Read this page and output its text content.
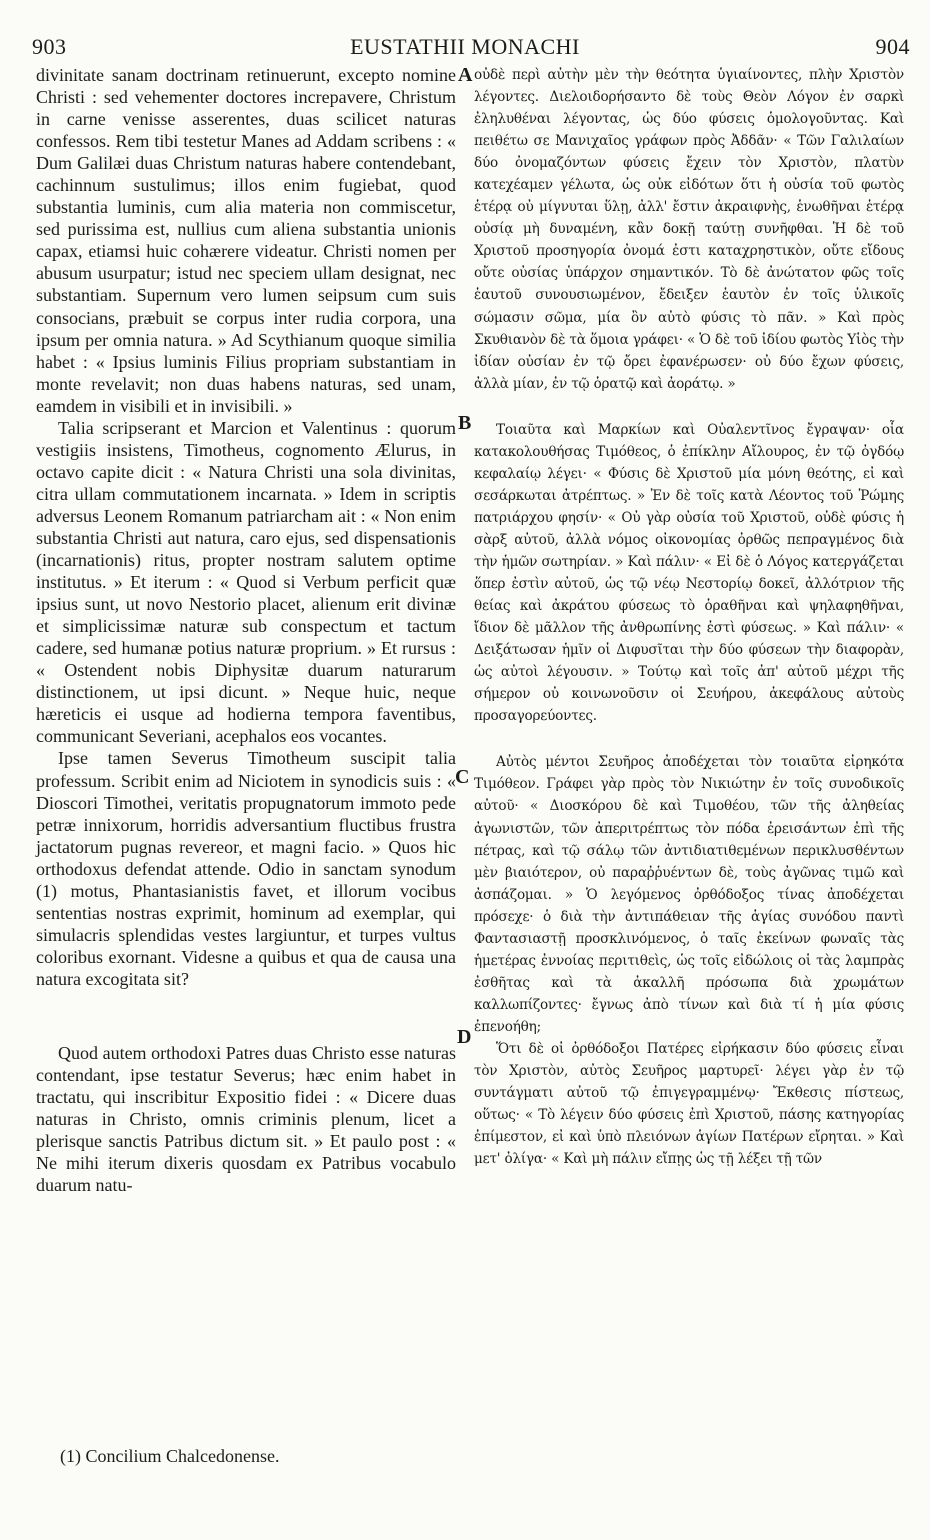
903	EUSTATHII MONACHI	904

divinitate sanam doctrinam retinuerunt, excepto nomine Christi : sed vehementer doctores increpavere, Christum in carne venisse asserentes, duas scilicet naturas confessos. Rem tibi testetur Manes ad Addam scribens : « Dum Galilæi duas Christum naturas habere contendebant, cachinnum sustulimus; illos enim fugiebat, quod substantia luminis, cum alia materia non commiscetur, sed purissima est, nullius cum aliena substantia unionis capax, etiamsi huic cohærere videatur. Christi nomen per abusum usurpatur; istud nec speciem ullam designat, nec substantiam. Supernum vero lumen seipsum cum suis consocians, præbuit se corpus inter rudia corpora, una ipsum per omnia natura. » Ad Scythianum quoque similia habet : « Ipsius luminis Filius propriam substantiam in monte revelavit; non duas habens naturas, sed unam, eamdem in visibili et in invisibili. »

Talia scripserant et Marcion et Valentinus : quorum vestigiis insistens, Timotheus, cognomento Ælurus, in octavo capite dicit : « Natura Christi una sola divinitas, citra ullam commutationem incarnata. » Idem in scriptis adversus Leonem Romanum patriarcham ait : « Non enim substantia Christi aut natura, caro ejus, sed dispensationis (incarnationis) ritus, propter nostram salutem optime institutus. » Et iterum : « Quod si Verbum perficit quæ ipsius sunt, ut novo Nestorio placet, alienum erit divinæ et simplicissimæ naturæ sub conspectum et tactum cadere, sed humanæ potius naturæ proprium. » Et rursus : « Ostendent nobis Diphysitæ duarum naturarum distinctionem, ut ipsi dicunt. » Neque huic, neque hæreticis ei usque ad hodierna tempora faventibus, communicant Severiani, acephalos eos vocantes.

Ipse tamen Severus Timotheum suscipit talia professum. Scribit enim ad Niciotem in synodicis suis : « Dioscori Timothei, veritatis propugnatorum immoto pede petræ innixorum, horridis adversantium fluctibus frustra jactatorum pugnas revereor, et magni facio. » Quos hic orthodoxus defendat attende. Odio in sanctam synodum (1) motus, Phantasianistis favet, et illorum vocibus sententias nostras exprimit, hominum ad exemplar, qui simulacris splendidas vestes largiuntur, et turpes vultus coloribus exornant. Videsne a quibus et qua de causa una natura excogitata sit?

Quod autem orthodoxi Patres duas Christo esse naturas contendant, ipse testatur Severus; hæc enim habet in tractatu, qui inscribitur Expositio fidei : « Dicere duas naturas in Christo, omnis criminis plenum, licet a plerisque sanctis Patribus dictum sit. » Et paulo post : « Ne mihi iterum dixeris quosdam ex Patribus vocabulo duarum natu-

οὐδὲ περὶ αὐτὴν μὲν τὴν θεότητα ὑγιαίνοντες, πλὴν Χριστὸν λέγοντες. Διελοιδορήσαντο δὲ τοὺς Θεὸν Λόγον ἐν σαρκὶ ἐληλυθέναι λέγοντας, ὡς δύο φύσεις ὁμολογοῦντας. Καὶ πειθέτω σε Μανιχαῖος γράφων πρὸς Ἀδδᾶν· « Τῶν Γαλιλαίων δύο ὀνομαζόντων φύσεις ἔχειν τὸν Χριστὸν, πλατὺν κατεχέαμεν γέλωτα, ὡς οὐκ εἰδότων ὅτι ἡ οὐσία τοῦ φωτὸς ἑτέρᾳ οὐ μίγνυται ὕλῃ, ἀλλ' ἔστιν ἀκραιφνὴς, ἑνωθῆναι ἑτέρᾳ οὐσίᾳ μὴ δυναμένη, κἂν δοκῇ ταύτῃ συνῆφθαι. Ἡ δὲ τοῦ Χριστοῦ προσηγορία ὀνομά ἐστι καταχρηστικὸν, οὔτε εἴδους οὔτε οὐσίας ὑπάρχον σημαντικόν. Τὸ δὲ ἀνώτατον φῶς τοῖς ἑαυτοῦ συνουσιωμένον, ἔδειξεν ἑαυτὸν ἐν τοῖς ὑλικοῖς σώμασιν σῶμα, μία ὂν αὐτὸ φύσις τὸ πᾶν. » Καὶ πρὸς Σκυθιανὸν δὲ τὰ ὅμοια γράφει· « Ὁ δὲ τοῦ ἰδίου φωτὸς Υἱὸς τὴν ἰδίαν οὐσίαν ἐν τῷ ὄρει ἐφανέρωσεν· οὐ δύο ἔχων φύσεις, ἀλλὰ μίαν, ἐν τῷ ὁρατῷ καὶ ἀοράτῳ. »

Τοιαῦτα καὶ Μαρκίων καὶ Οὐαλεντῖνος ἔγραψαν· οἷα κατακολουθήσας Τιμόθεος, ὁ ἐπίκλην Αἴλουρος, ἐν τῷ ὀγδόῳ κεφαλαίῳ λέγει· « Φύσις δὲ Χριστοῦ μία μόνη θεότης, εἰ καὶ σεσάρκωται ἀτρέπτως. » Ἐν δὲ τοῖς κατὰ Λέοντος τοῦ Ῥώμης πατριάρχου φησίν· « Οὐ γὰρ οὐσία τοῦ Χριστοῦ, οὐδὲ φύσις ἡ σὰρξ αὐτοῦ, ἀλλὰ νόμος οἰκονομίας ὀρθῶς πεπραγμένος διὰ τὴν ἡμῶν σωτηρίαν. » Καὶ πάλιν· « Εἰ δὲ ὁ Λόγος κατεργάζεται ὅπερ ἐστὶν αὐτοῦ, ὡς τῷ νέῳ Νεστορίῳ δοκεῖ, ἀλλότριον τῆς θείας καὶ ἀκράτου φύσεως τὸ ὁραθῆναι καὶ ψηλαφηθῆναι, ἴδιον δὲ μᾶλλον τῆς ἀνθρωπίνης ἐστὶ φύσεως. » Καὶ πάλιν· « Δειξάτωσαν ἡμῖν οἱ Διφυσῖται τὴν δύο φύσεων τὴν διαφορὰν, ὡς αὐτοὶ λέγουσιν. » Τούτῳ καὶ τοῖς ἀπ' αὐτοῦ μέχρι τῆς σήμερον οὐ κοινωνοῦσιν οἱ Σευήρου, ἀκεφάλους αὐτοὺς προσαγορεύοντες.

Αὐτὸς μέντοι Σευῆρος ἀποδέχεται τὸν τοιαῦτα εἰρηκότα Τιμόθεον. Γράφει γὰρ πρὸς τὸν Νικιώτην ἐν τοῖς συνοδικοῖς αὐτοῦ· « Διοσκόρου δὲ καὶ Τιμοθέου, τῶν τῆς ἀληθείας ἀγωνιστῶν, τῶν ἀπεριτρέπτως τὸν πόδα ἐρεισάντων ἐπὶ τῆς πέτρας, καὶ τῷ σάλῳ τῶν ἀντιδιατιθεμένων περικλυσθέντων μὲν βιαιότερον, οὐ παραῤῥυέντων δὲ, τοὺς ἀγῶνας τιμῶ καὶ ἀσπάζομαι. » Ὁ λεγόμενος ὀρθόδοξος τίνας ἀποδέχεται πρόσεχε· ὁ διὰ τὴν ἀντιπάθειαν τῆς ἁγίας συνόδου παντὶ Φαντασιαστῇ προσκλινόμενος, ὁ ταῖς ἐκείνων φωναῖς τὰς ἡμετέρας ἐννοίας περιτιθεὶς, ὡς τοῖς εἰδώλοις οἱ τὰς λαμπρὰς ἐσθῆτας καὶ τὰ ἀκαλλῆ πρόσωπα διὰ χρωμάτων καλλωπίζοντες· ἔγνως ἀπὸ τίνων καὶ διὰ τί ἡ μία φύσις ἐπενοήθη;

Ὅτι δὲ οἱ ὀρθόδοξοι Πατέρες εἰρήκασιν δύο φύσεις εἶναι τὸν Χριστὸν, αὐτὸς Σευῆρος μαρτυρεῖ· λέγει γὰρ ἐν τῷ συντάγματι αὐτοῦ τῷ ἐπιγεγραμμένῳ· Ἔκθεσις πίστεως, οὕτως· « Τὸ λέγειν δύο φύσεις ἐπὶ Χριστοῦ, πάσης κατηγορίας ἐπίμεστον, εἰ καὶ ὑπὸ πλειόνων ἁγίων Πατέρων εἴρηται. » Καὶ μετ' ὀλίγα· « Καὶ μὴ πάλιν εἴπῃς ὡς τῇ λέξει τῇ τῶν

A
B
C
D
(1) Concilium Chalcedonense.
